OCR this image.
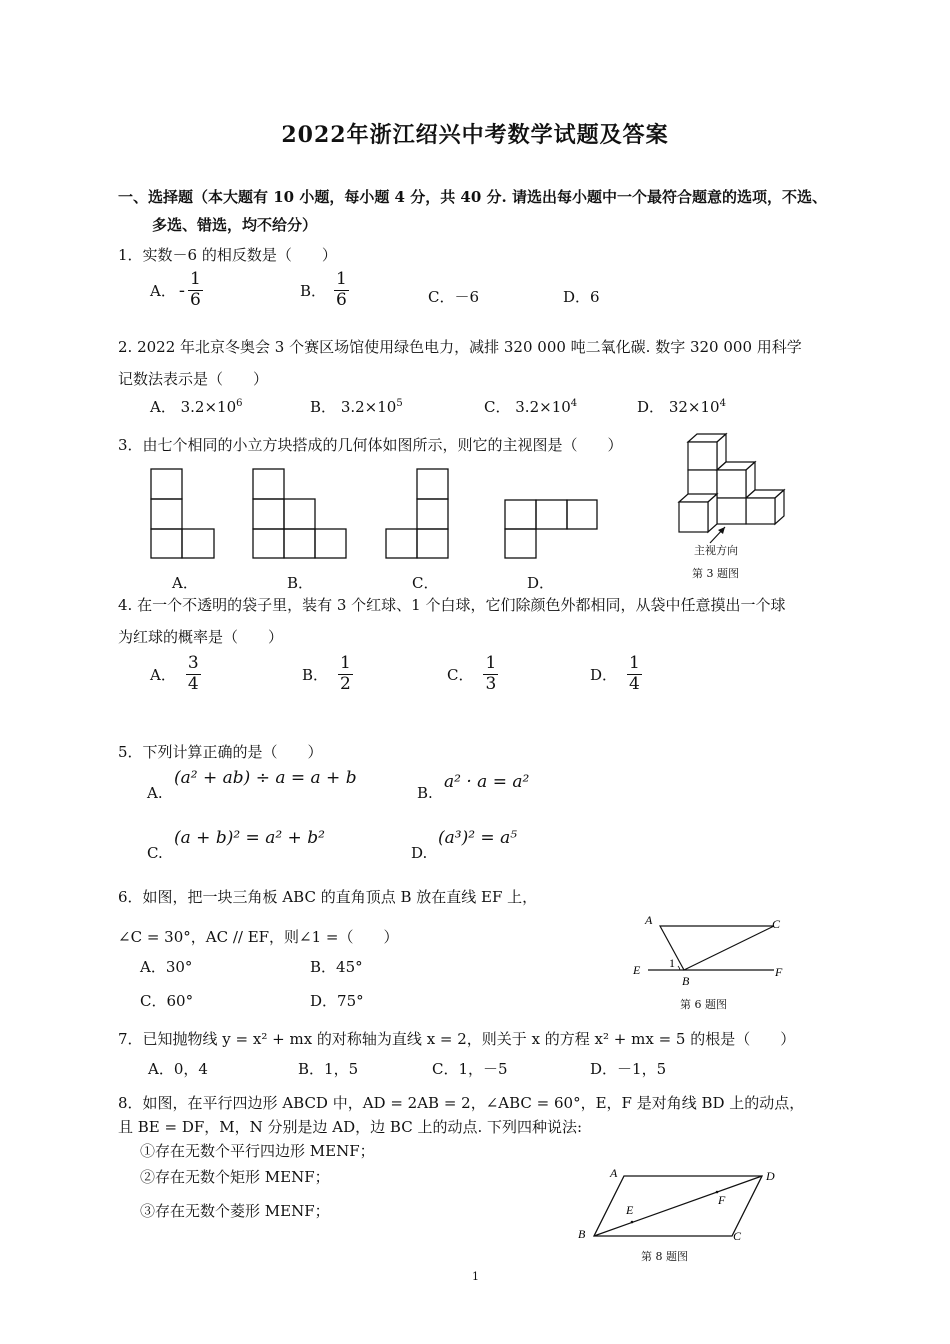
2022年浙江绍兴中考数学试题及答案
一、选择题（本大题有 10 小题，每小题 4 分，共 40 分. 请选出每小题中一个最符合题意的选项，不选、
多选、错选，均不给分）
1．实数－6 的相反数是（　　）
A． - $\frac{1}{6}$	B． $\frac{1}{6}$	C．－6	D．6
2. 2022 年北京冬奥会 3 个赛区场馆使用绿色电力，减排 320 000 吨二氧化碳. 数字 320 000 用科学
记数法表示是（　　）
A． $3.2\times 10^6$	B． $3.2\times 10^5$	C． $3.2\times 10^4$	D． $32\times 10^4$
3．由七个相同的小立方块搭成的几何体如图所示，则它的主视图是（　　）
A．	B．	C．	D．
主视方向
第 3 题图
4. 在一个不透明的袋子里，装有 3 个红球、1 个白球，它们除颜色外都相同，从袋中任意摸出一个球
为红球的概率是（　　）
A． $\frac{3}{4}$	B． $\frac{1}{2}$	C． $\frac{1}{3}$	D． $\frac{1}{4}$
5．下列计算正确的是（　　）
A.
(a² + ab) ÷ a = a + b
B.
a² · a = a²
C.
(a + b)² = a² + b²
D.
(a³)² = a⁵
6．如图，把一块三角板 ABC 的直角顶点 B 放在直线 EF 上，
∠C = 30°，AC // EF，则∠1 =（　　）
A．30°	B．45°
C．60°	D．75°
A	C
E	F
B
1
第 6 题图
7．已知抛物线 y = x² + mx 的对称轴为直线 x = 2，则关于 x 的方程 x² + mx = 5 的根是（　　）
A．0，4	B．1，5	C．1，－5	D．－1，5
8．如图，在平行四边形 ABCD 中，AD = 2AB = 2，∠ABC = 60°，E，F 是对角线 BD 上的动点，
且 BE = DF，M，N 分别是边 AD，边 BC 上的动点. 下列四种说法:
①存在无数个平行四边形 MENF；
②存在无数个矩形 MENF；
③存在无数个菱形 MENF；
A	D
B	C
E
F
第 8 题图
1
